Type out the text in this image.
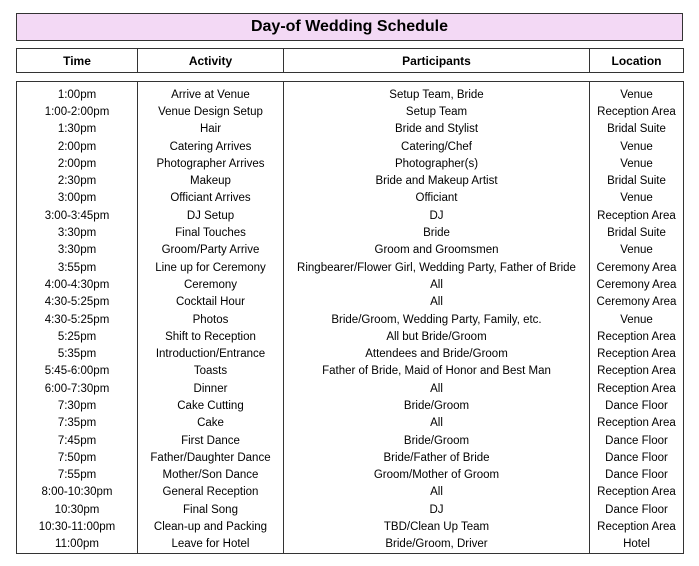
Day-of Wedding Schedule
Time	Activity	Participants	Location

1:00pm	Arrive at Venue	Setup Team, Bride	Venue
1:00-2:00pm	Venue Design Setup	Setup Team	Reception Area
1:30pm	Hair	Bride and Stylist	Bridal Suite
2:00pm	Catering Arrives	Catering/Chef	Venue
2:00pm	Photographer Arrives	Photographer(s)	Venue
2:30pm	Makeup	Bride and Makeup Artist	Bridal Suite
3:00pm	Officiant Arrives	Officiant	Venue
3:00-3:45pm	DJ Setup	DJ	Reception Area
3:30pm	Final Touches	Bride	Bridal Suite
3:30pm	Groom/Party Arrive	Groom and Groomsmen	Venue
3:55pm	Line up for Ceremony	Ringbearer/Flower Girl, Wedding Party, Father of Bride	Ceremony Area
4:00-4:30pm	Ceremony	All	Ceremony Area
4:30-5:25pm	Cocktail Hour	All	Ceremony Area
4:30-5:25pm	Photos	Bride/Groom, Wedding Party, Family, etc.	Venue
5:25pm	Shift to Reception	All but Bride/Groom	Reception Area
5:35pm	Introduction/Entrance	Attendees and Bride/Groom	Reception Area
5:45-6:00pm	Toasts	Father of Bride, Maid of Honor and Best Man	Reception Area
6:00-7:30pm	Dinner	All	Reception Area
7:30pm	Cake Cutting	Bride/Groom	Dance Floor
7:35pm	Cake	All	Reception Area
7:45pm	First Dance	Bride/Groom	Dance Floor
7:50pm	Father/Daughter Dance	Bride/Father of Bride	Dance Floor
7:55pm	Mother/Son Dance	Groom/Mother of Groom	Dance Floor
8:00-10:30pm	General Reception	All	Reception Area
10:30pm	Final Song	DJ	Dance Floor
10:30-11:00pm	Clean-up and Packing	TBD/Clean Up Team	Reception Area
11:00pm	Leave for Hotel	Bride/Groom, Driver	Hotel
